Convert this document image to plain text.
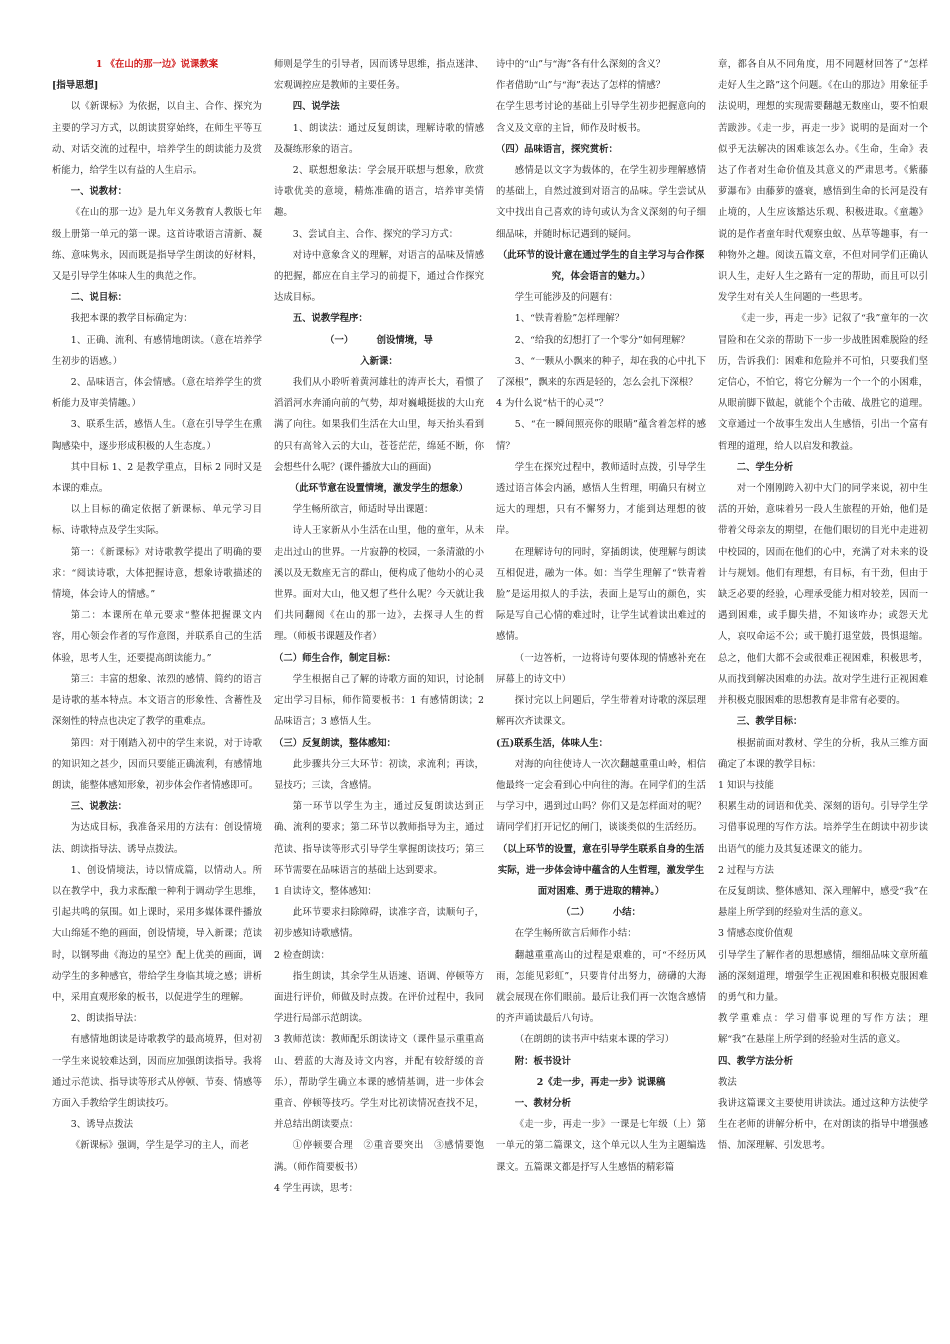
1 《在山的那一边》说课教案

[指导思想]

以《新课标》为依据，以自主、合作、探究为主要的学习方式，以朗读贯穿始终，在师生平等互动、对话交流的过程中，培养学生的朗读能力及赏析能力，给学生以有益的人生启示。

一、说教材：

《在山的那一边》是九年义务教育人教版七年级上册第一单元的第一课。这首诗歌语言清新、凝练、意味隽永，因而既是指导学生朗读的好材料，又是引导学生体味人生的典范之作。

二、说目标：

我把本课的教学目标确定为：

1、正确、流利、有感情地朗读。（意在培养学生初步的语感。）

2、品味语言，体会情感。（意在培养学生的赏析能力及审美情趣。）

3、联系生活，感悟人生。（意在引导学生在熏陶感染中，逐步形成积极的人生态度。）

其中目标 1、2 是教学重点，目标 2 同时又是本课的难点。

以上目标的确定依据了新课标、单元学习目标、诗歌特点及学生实际。

第一：《新课标》对诗歌教学提出了明确的要求：“阅读诗歌，大体把握诗意，想象诗歌描述的情境，体会诗人的情感。”

第二：本课所在单元要求“整体把握课文内容，用心领会作者的写作意图，并联系自己的生活体验，思考人生，还要提高朗读能力。”

第三：丰富的想象、浓烈的感情、简约的语言是诗歌的基本特点。本文语言的形象性、含蓄性及深刻性的特点也决定了教学的重难点。

第四：对于刚踏入初中的学生来说，对于诗歌的知识知之甚少，因而只要能正确流利，有感情地朗读，能整体感知形象，初步体会作者情感即可。

三、说教法：

为达成目标，我准备采用的方法有：创设情境法、朗读指导法、诱导点拨法。

1、创设情境法，诗以情成篇，以情动人。所以在教学中，我力求酝酿一种利于调动学生思维，引起共鸣的氛围。如上课时，采用多媒体课件播放大山绵延不绝的画面，创设情境，导入新课；范读时，以钢琴曲《海边的星空》配上优美的画面，调动学生的多种感官，带给学生身临其境之感；讲析中，采用直观形象的板书，以促进学生的理解。

2、朗读指导法：

有感情地朗读是诗歌教学的最高境界，但对初一学生来说较难达到，因而应加强朗读指导。我将通过示范读、指导读等形式从停顿、节奏、情感等方面入手教给学生朗读技巧。

3、诱导点拨法

《新课标》强调，学生是学习的主人，而老

师则是学生的引导者，因而诱导思维，指点迷津、宏观调控应是教师的主要任务。

四、说学法

1、朗读法：通过反复朗读，理解诗歌的情感及凝练形象的语言。

2、联想想象法：学会展开联想与想象，欣赏诗歌优美的意境，精炼准确的语言，培养审美情趣。

3、尝试自主、合作、探究的学习方式：

对诗中意象含义的理解，对语言的品味及情感的把握，都应在自主学习的前提下，通过合作探究达成目标。

五、说教学程序：

（一）　　　创设情境，导

入新课：

我们从小聆听着黄河雄壮的涛声长大，看惯了滔滔河水奔涌向前的气势，却对巍峨挺拔的大山充满了向往。如果我们生活在大山里，每天抬头看到的只有高耸入云的大山，苍苍茫茫，绵延不断，你会想些什么呢？(课件播放大山的画面)

（此环节意在设置情境，激发学生的想象）

学生畅所欲言，师适时导出课题：

诗人王家新从小生活在山里，他的童年，从未走出过山的世界。一片寂静的校园，一条清澈的小溪以及无数座无言的群山，便构成了他幼小的心灵世界。面对大山，他又想了些什么呢？今天就让我们共同翻阅《在山的那一边》，去探寻人生的哲理。（师板书课题及作者）

（二）师生合作，制定目标：

学生根据自己了解的诗歌方面的知识，讨论制定出学习目标，师作简要板书：1 有感情朗读；2 品味语言；3 感悟人生。

（三）反复朗读，整体感知：

此步骤共分三大环节：初读，求流利；再读，显技巧；三读，含感情。

第一环节以学生为主，通过反复朗读达到正确、流利的要求；第二环节以教师指导为主，通过范读、指导读等形式引导学生掌握朗读技巧；第三环节需要在品味语言的基础上达到要求。

1 自读诗文，整体感知：

此环节要求扫除障碍，读准字音，读顺句子，初步感知诗歌感情。

2 检查朗读：

指生朗读，其余学生从语速、语调、停顿等方面进行评价，师做及时点拨。在评价过程中，我同学进行局部示范朗读。

3 教师范读：教师配乐朗读诗文（课件显示重重高山、碧蓝的大海及诗文内容，并配有较舒缓的音乐），帮助学生确立本课的感情基调，进一步体会重音、停顿等技巧。学生对比初读情况查找不足，并总结出朗读要点：

①停顿要合理　②重音要突出　③感情要饱满。（师作简要板书）

4 学生再读，思考：

诗中的“山”与“海”各有什么深刻的含义？

作者借助“山”与“海”表达了怎样的情感？

在学生思考讨论的基础上引导学生初步把握意向的含义及文章的主旨，师作及时板书。

（四）品味语言，探究赏析：

感情是以文字为载体的，在学生初步理解感情的基础上，自然过渡到对语言的品味。学生尝试从文中找出自己喜欢的诗句或认为含义深刻的句子细细品味，并随时标记遇到的疑问。

（此环节的设计意在通过学生的自主学习与合作探究，体会语言的魅力。）

学生可能涉及的问题有：

1、“铁青着脸”怎样理解？

2、“给我的幻想打了一个零分”如何理解？

3、“一颗从小飘来的种子，却在我的心中扎下了深根”，飘来的东西是轻的，怎么会扎下深根？

4 为什么说“枯干的心灵”？

5、“在一瞬间照亮你的眼睛”蕴含着怎样的感情？

学生在探究过程中，教师适时点拨，引导学生透过语言体会内涵，感悟人生哲理，明确只有树立远大的理想，只有不懈努力，才能到达理想的彼岸。

在理解诗句的同时，穿插朗读，使理解与朗读互相促进，融为一体。如：当学生理解了“铁青着脸”是运用拟人的手法，表面上是写山的颜色，实际是写自己心情的难过时，让学生试着读出难过的感情。

（一边答析，一边将诗句要体现的情感补充在屏幕上的诗文中）

探讨完以上问题后，学生带着对诗歌的深层理解再次齐读课文。

(五)联系生活，体味人生：

对海的向往使诗人一次次翻越重重山岭，相信他最终一定会看到心中向往的海。在同学们的生活与学习中，遇到过山吗？你们又是怎样面对的呢？请同学们打开记忆的闸门，谈谈类似的生活经历。

（以上环节的设置，意在引导学生联系自身的生活实际，进一步体会诗中蕴含的人生哲理，激发学生面对困难、勇于进取的精神。）

（二）　　　小结：

在学生畅所欲言后师作小结：

翻越重重高山的过程是艰难的，可“不经历风雨，怎能见彩虹”，只要肯付出努力，磅礴的大海就会展现在你们眼前。最后让我们再一次饱含感情的齐声诵读最后八句诗。

（在朗朗的读书声中结束本课的学习）

附：板书设计

2《走一步，再走一步》说课稿

一、教材分析

《走一步，再走一步》一课是七年级（上）第一单元的第二篇课文，这个单元以人生为主题编选课文。五篇课文都是抒写人生感悟的精彩篇

章，都各自从不同角度，用不同题材回答了“怎样走好人生之路”这个问题。《在山的那边》用象征手法说明，理想的实现需要翻越无数座山，要不怕艰苦跋涉。《走一步，再走一步》说明的是面对一个似乎无法解决的困难该怎么办。《生命，生命》表达了作者对生命价值及其意义的严肃思考。《紫藤萝瀑布》由藤萝的盛衰，感悟到生命的长河是没有止境的，人生应该豁达乐观、积极进取。《童趣》说的是作者童年时代观察虫蚁、丛草等趣事，有一种物外之趣。阅读五篇文章，不但对同学们正确认识人生，走好人生之路有一定的帮助，而且可以引发学生对有关人生问题的一些思考。

《走一步，再走一步》记叙了“我”童年的一次冒险和在父亲的帮助下一步一步战胜困难脱险的经历，告诉我们：困难和危险并不可怕，只要我们坚定信心，不怕它，将它分解为一个一个的小困难，从眼前脚下做起，就能个个击破、战胜它的道理。文章通过一个故事生发出人生感悟，引出一个富有哲理的道理，给人以启发和教益。

二、学生分析

对一个刚刚跨入初中大门的同学来说，初中生活的开始，意味着另一段人生旅程的开始，他们是带着父母亲友的期望，在他们眼切的目光中走进初中校园的，因而在他们的心中，充满了对未来的设计与规划。他们有理想，有目标，有干劲，但由于缺乏必要的经验，心理承受能力相对较差，因而一遇到困难，或手脚失措，不知该咋办；或怨天尤人，哀叹命运不公；或干脆打退堂鼓，畏惧退缩。总之，他们大都不会或很难正视困难，积极思考，从而找到解决困难的办法。故对学生进行正视困难并积极克服困难的思想教育是非常有必要的。

三、教学目标：

根据前面对教材、学生的分析，我从三维方面确定了本课的教学目标：

1 知识与技能

积累生动的词语和优美、深刻的语句。引导学生学习借事说理的写作方法。培养学生在朗读中初步读出语气的能力及其复述课文的能力。

2 过程与方法

在反复朗读、整体感知、深入理解中，感受“我”在悬崖上所学到的经验对生活的意义。

3 情感态度价值观

引导学生了解作者的思想感情，细细品味文章所蕴涵的深刻道理，增强学生正视困难和积极克服困难的勇气和力量。

教学重难点：学习借事说理的写作方法；理解“我”在悬崖上所学到的经验对生活的意义。

四、教学方法分析

教法

我讲这篇课文主要使用讲读法。通过这种方法使学生在老师的讲解分析中，在对朗读的指导中增强感悟、加深理解、引发思考。
